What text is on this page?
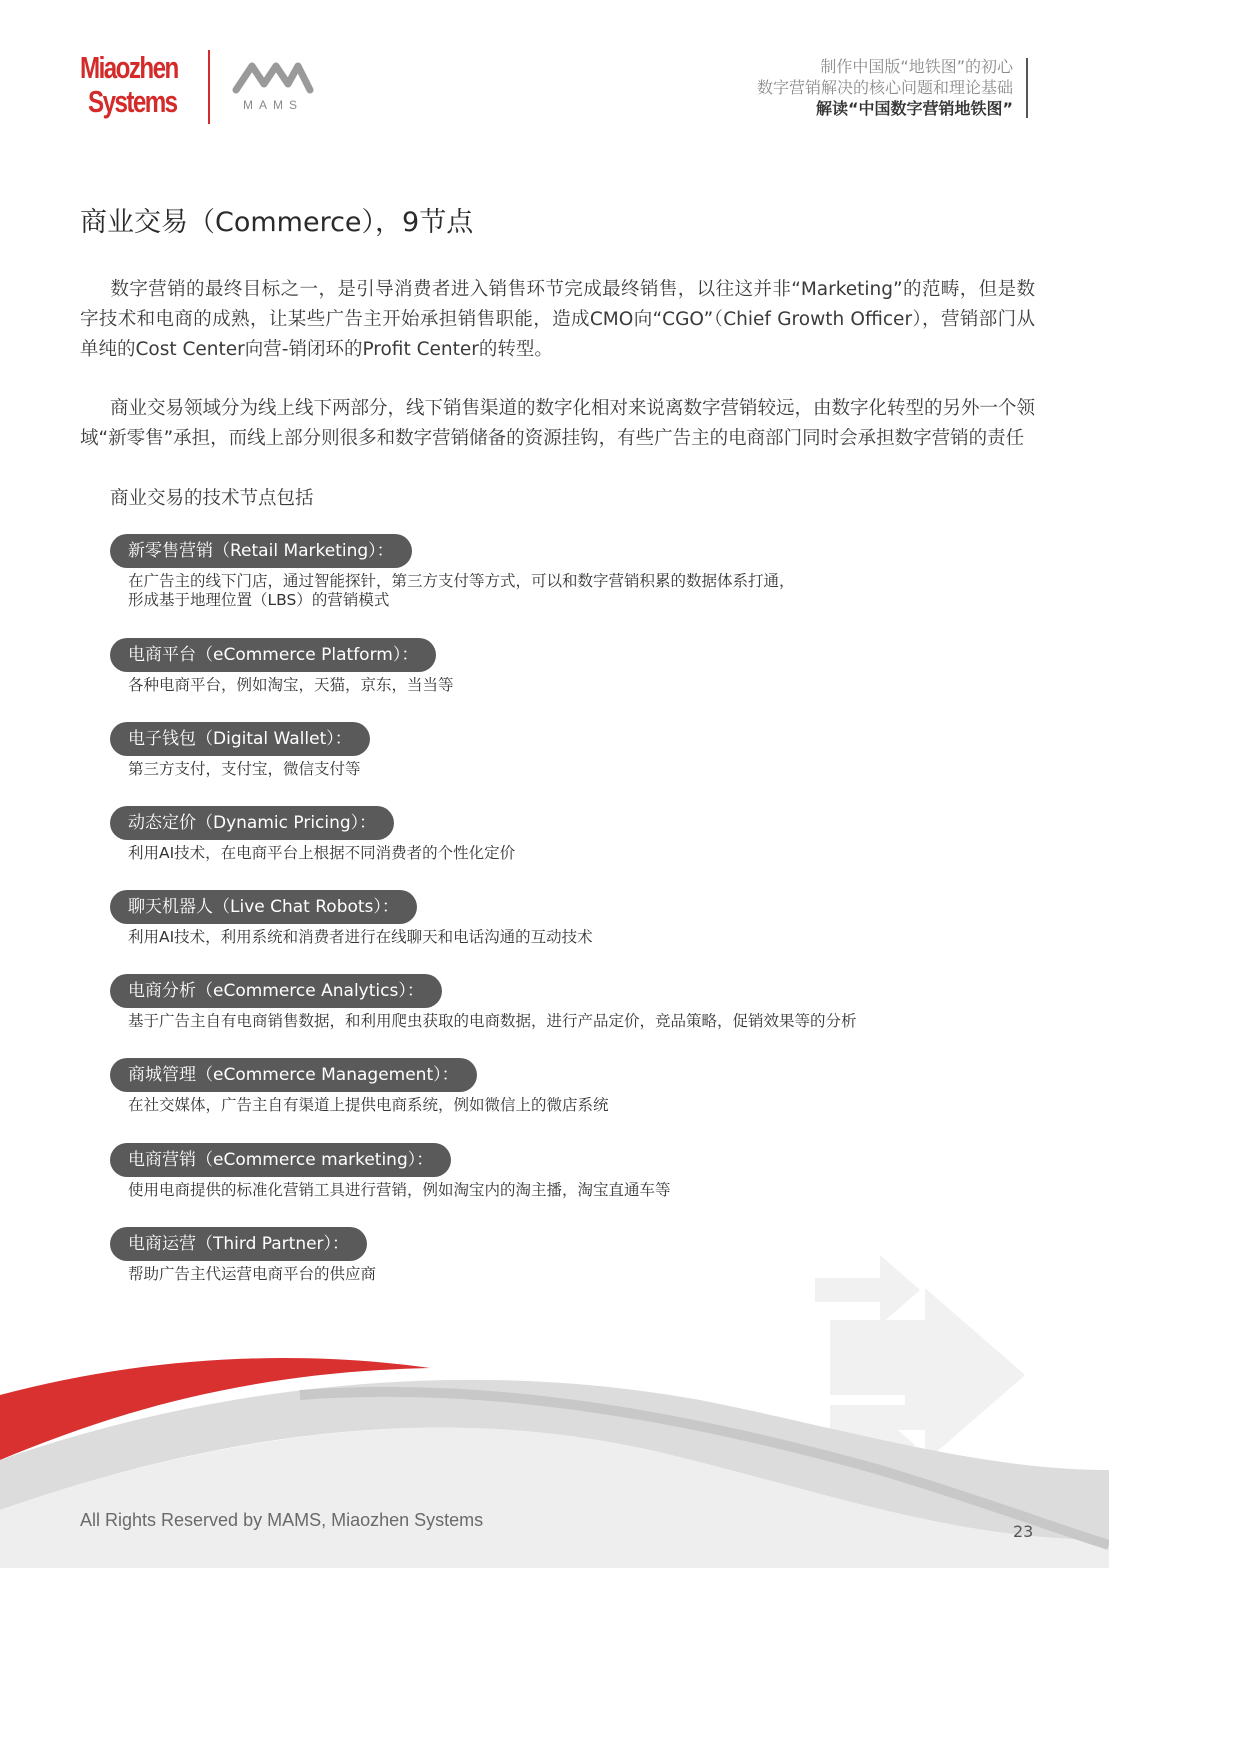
Miaozhen
Systems	MAMS
制作中国版“地铁图”的初心
数字营销解决的核心问题和理论基础
解读“中国数字营销地铁图”
商业交易（Commerce），9节点
数字营销的最终目标之一，是引导消费者进入销售环节完成最终销售，以往这并非“Marketing”的范畴，但是数字技术和电商的成熟，让某些广告主开始承担销售职能，造成CMO向“CGO”（Chief Growth Officer），营销部门从单纯的Cost Center向营-销闭环的Profit Center的转型。
商业交易领域分为线上线下两部分，线下销售渠道的数字化相对来说离数字营销较远，由数字化转型的另外一个领域“新零售”承担，而线上部分则很多和数字营销储备的资源挂钩，有些广告主的电商部门同时会承担数字营销的责任
商业交易的技术节点包括
新零售营销（Retail Marketing）：
在广告主的线下门店，通过智能探针，第三方支付等方式，可以和数字营销积累的数据体系打通，
形成基于地理位置（LBS）的营销模式
电商平台（eCommerce Platform）：
各种电商平台，例如淘宝，天猫，京东，当当等
电子钱包（Digital Wallet）：
第三方支付，支付宝，微信支付等
动态定价（Dynamic Pricing）：
利用AI技术，在电商平台上根据不同消费者的个性化定价
聊天机器人（Live Chat Robots）：
利用AI技术，利用系统和消费者进行在线聊天和电话沟通的互动技术
电商分析（eCommerce Analytics）：
基于广告主自有电商销售数据，和利用爬虫获取的电商数据，进行产品定价，竞品策略，促销效果等的分析
商城管理（eCommerce Management）：
在社交媒体，广告主自有渠道上提供电商系统，例如微信上的微店系统
电商营销（eCommerce marketing）：
使用电商提供的标准化营销工具进行营销，例如淘宝内的淘主播，淘宝直通车等
电商运营（Third Partner）：
帮助广告主代运营电商平台的供应商
All Rights Reserved by MAMS, Miaozhen Systems
23
